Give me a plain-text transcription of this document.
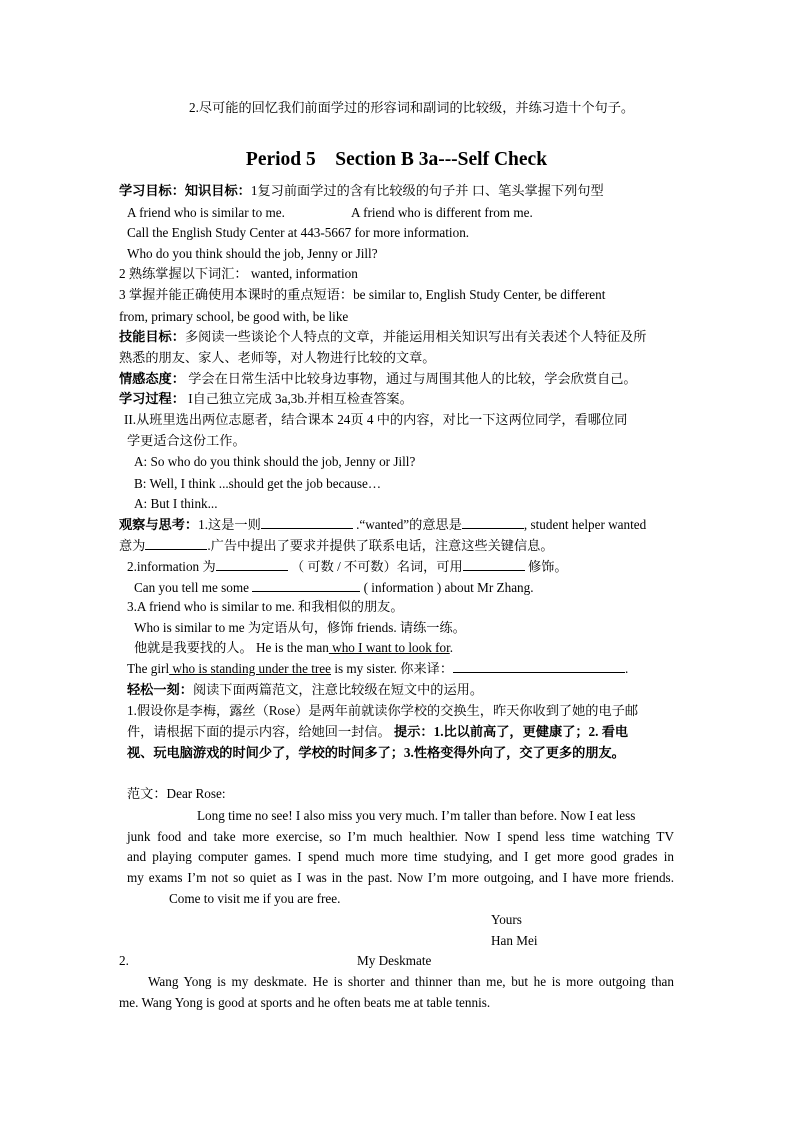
2.尽可能的回忆我们前面学过的形容词和副词的比较级，并练习造十个句子。
Period 5　Section B 3a---Self Check
学习目标：知识目标：1复习前面学过的含有比较级的句子并 口、笔头掌握下列句型
A friend who is similar to me.	A friend who is different from me.
Call the English Study Center at 443-5667 for more information.
Who do you think should the job, Jenny or Jill?
2 熟练掌握以下词汇： wanted, information
3 掌握并能正确使用本课时的重点短语：be similar to, English Study Center, be different
from, primary school, be good with, be like
技能目标：多阅读一些谈论个人特点的文章，并能运用相关知识写出有关表述个人特征及所
熟悉的朋友、家人、老师等，对人物进行比较的文章。
情感态度： 学会在日常生活中比较身边事物，通过与周围其他人的比较，学会欣赏自己。
学习过程： I自己独立完成 3a,3b.并相互检查答案。
II.从班里选出两位志愿者，结合课本 24页 4 中的内容，对比一下这两位同学，看哪位同
学更适合这份工作。
A: So who do you think should the job, Jenny or Jill?
B: Well, I think ...should get the job because…
A: But I think...
观察与思考：1.这是一则	.“wanted”的意思是	, student helper wanted
意为	.广告中提出了要求并提供了联系电话，注意这些关键信息。
2.information 为	（ 可数 / 不可数）名词，可用	修饰。
Can you tell me some	( information ) about Mr Zhang.
3.A friend who is similar to me. 和我相似的朋友。
Who is similar to me 为定语从句，修饰 friends. 请练一练。
他就是我要找的人。 He is the man who I want to look for.
The girl who is standing under the tree is my sister. 你来译：	.
轻松一刻：阅读下面两篇范文，注意比较级在短文中的运用。
1.假设你是李梅，露丝（Rose）是两年前就读你学校的交换生，昨天你收到了她的电子邮
件，请根据下面的提示内容，给她回一封信。 提示：1.比以前高了，更健康了；2. 看电
视、玩电脑游戏的时间少了，学校的时间多了；3.性格变得外向了，交了更多的朋友。
范文：Dear Rose:
Long time no see! I also miss you very much. I’m taller than before. Now I eat less
junk food and take more exercise, so I’m much healthier. Now I spend less time watching TV
and playing computer games. I spend much more time studying, and I get more good grades in
my exams I’m not so quiet as I was in the past. Now I’m more outgoing, and I have more friends.
Come to visit me if you are free.
Yours
Han Mei
2.	My Deskmate
Wang Yong is my deskmate. He is shorter and thinner than me, but he is more outgoing than
me. Wang Yong is good at sports and he often beats me at table tennis.
